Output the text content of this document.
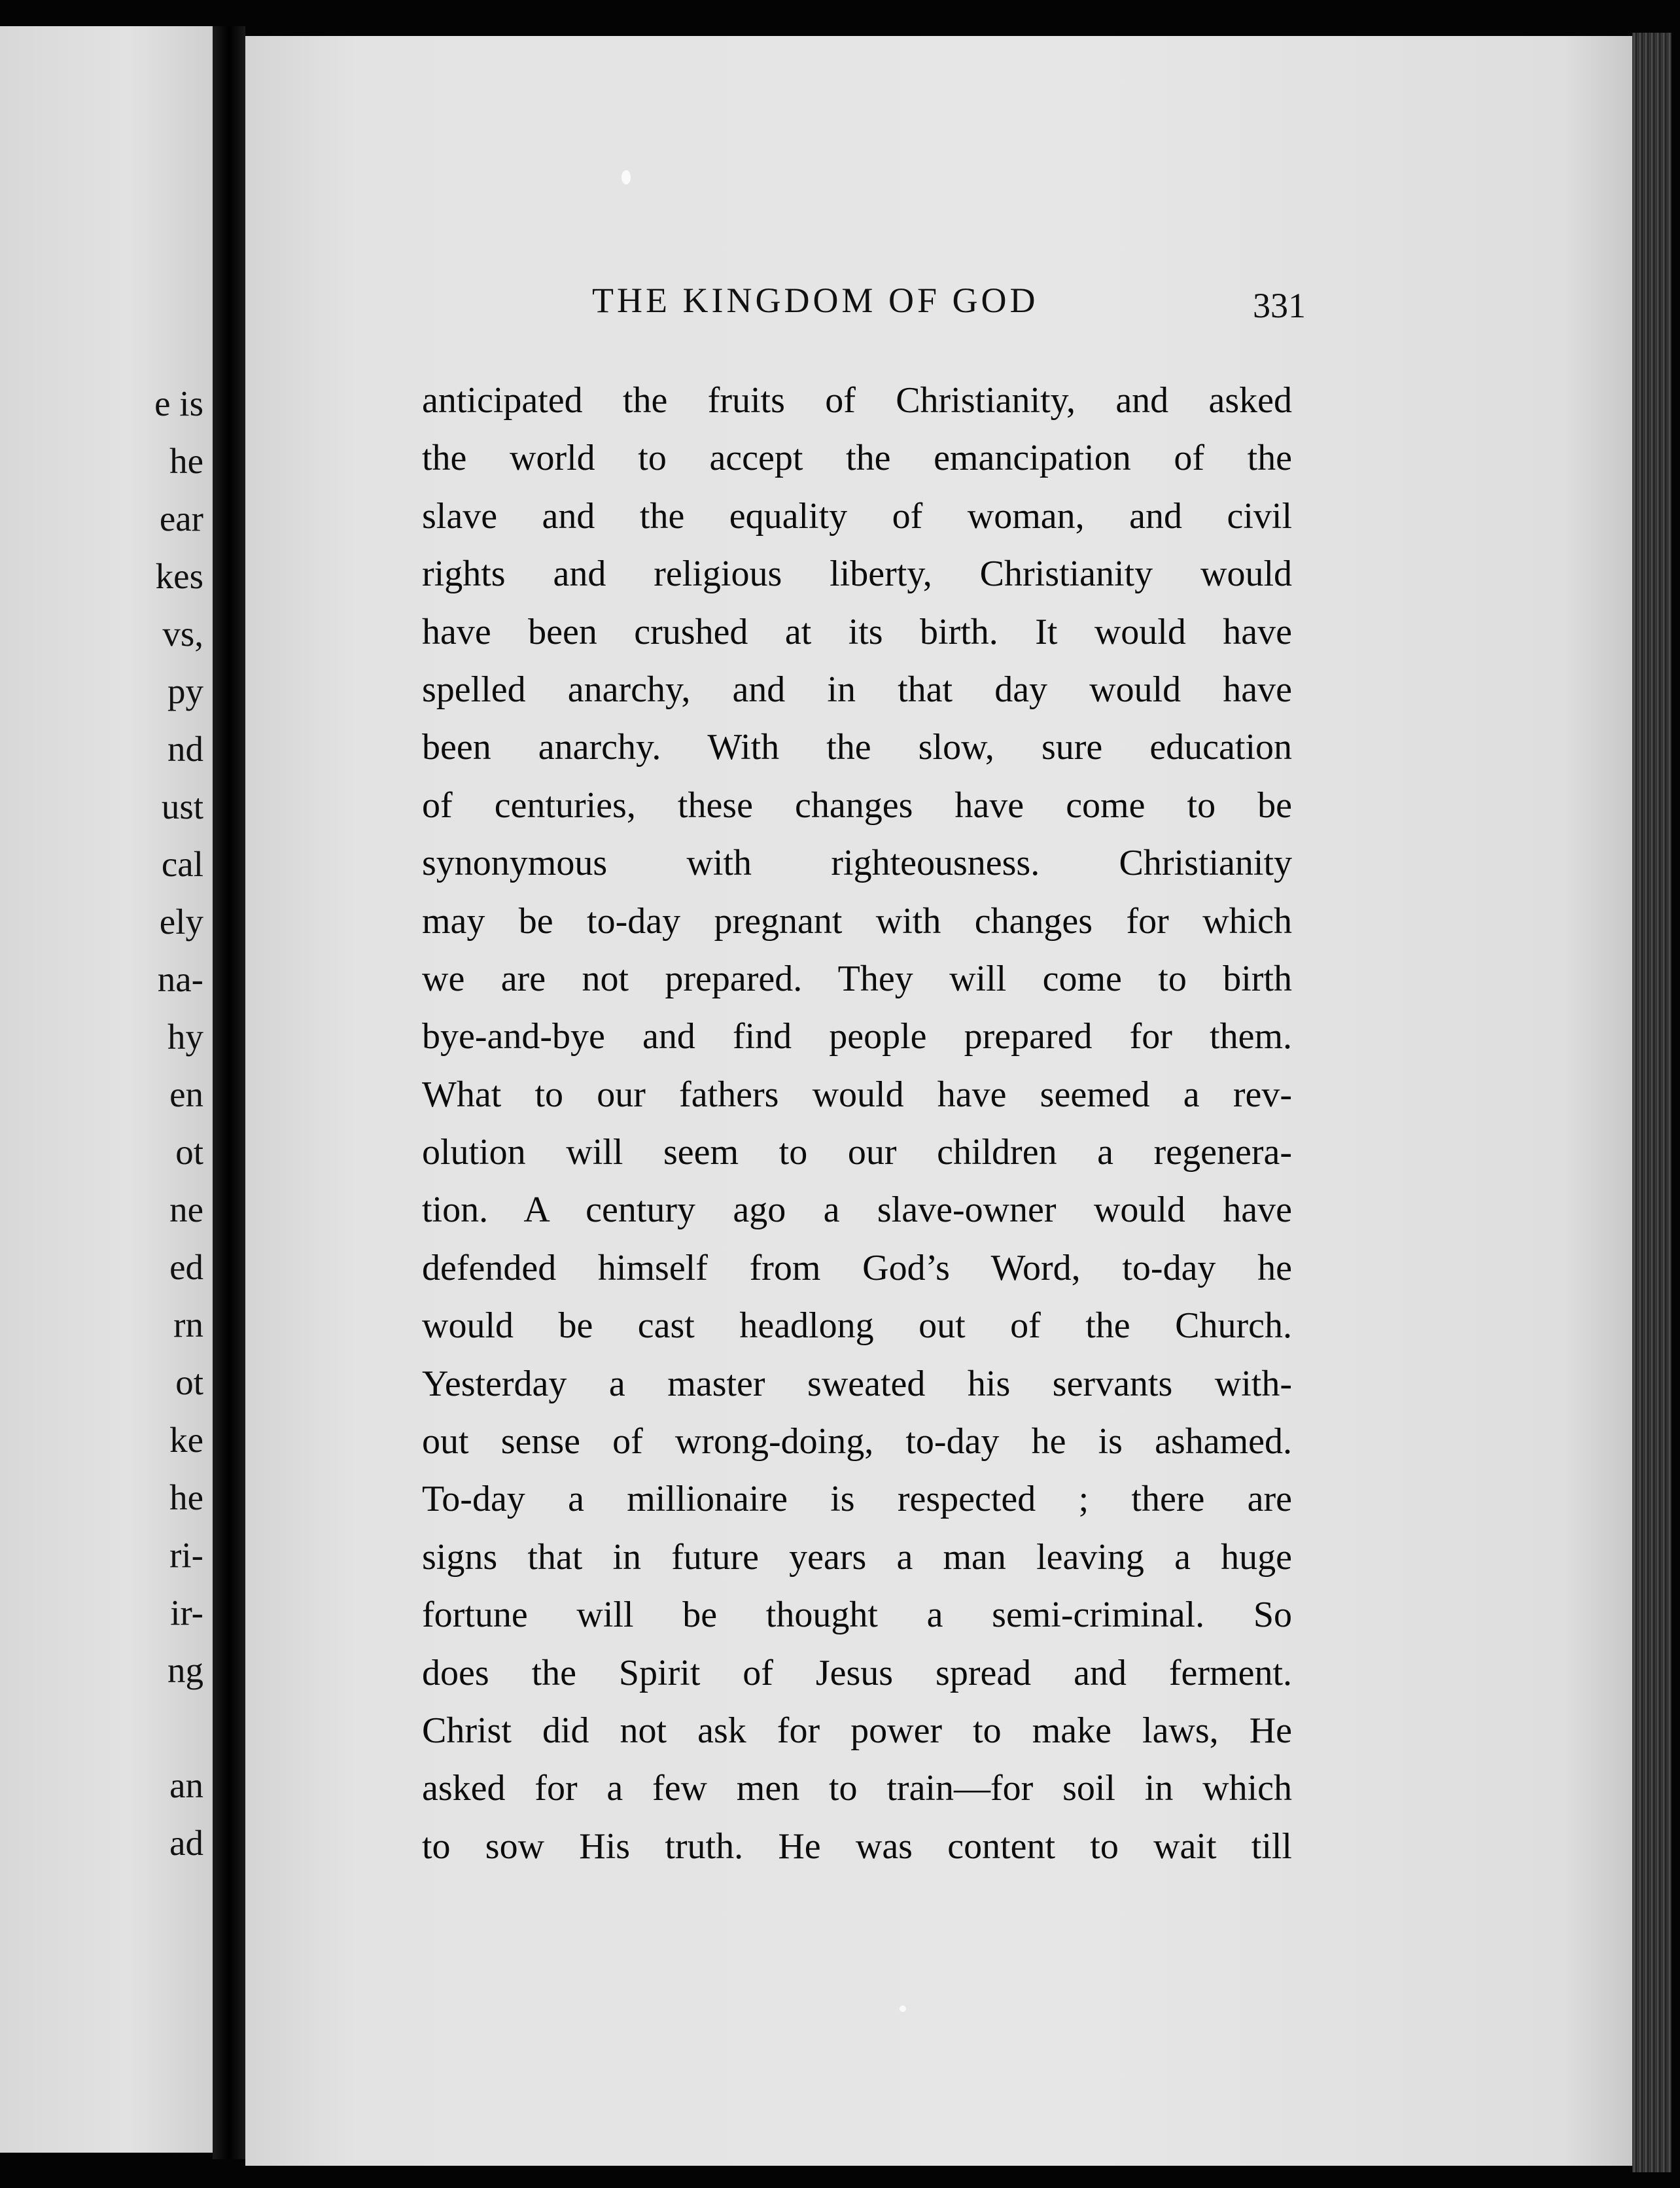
e is
he
ear
kes
vs,
py
nd
ust
cal
ely
na-
hy
en
ot
ne
ed
rn
ot
ke
he
ri-
ir-
ng
an
ad
THE KINGDOM OF GOD	331
anticipated the fruits of Christianity, and asked
the world to accept the emancipation of the
slave and the equality of woman, and civil
rights and religious liberty, Christianity would
have been crushed at its birth. It would have
spelled anarchy, and in that day would have
been anarchy. With the slow, sure education
of centuries, these changes have come to be
synonymous with righteousness. Christianity
may be to-day pregnant with changes for which
we are not prepared. They will come to birth
bye-and-bye and find people prepared for them.
What to our fathers would have seemed a rev-
olution will seem to our children a regenera-
tion. A century ago a slave-owner would have
defended himself from God’s Word, to-day he
would be cast headlong out of the Church.
Yesterday a master sweated his servants with-
out sense of wrong-doing, to-day he is ashamed.
To-day a millionaire is respected ; there are
signs that in future years a man leaving a huge
fortune will be thought a semi-criminal. So
does the Spirit of Jesus spread and ferment.
Christ did not ask for power to make laws, He
asked for a few men to train—for soil in which
to sow His truth. He was content to wait till
